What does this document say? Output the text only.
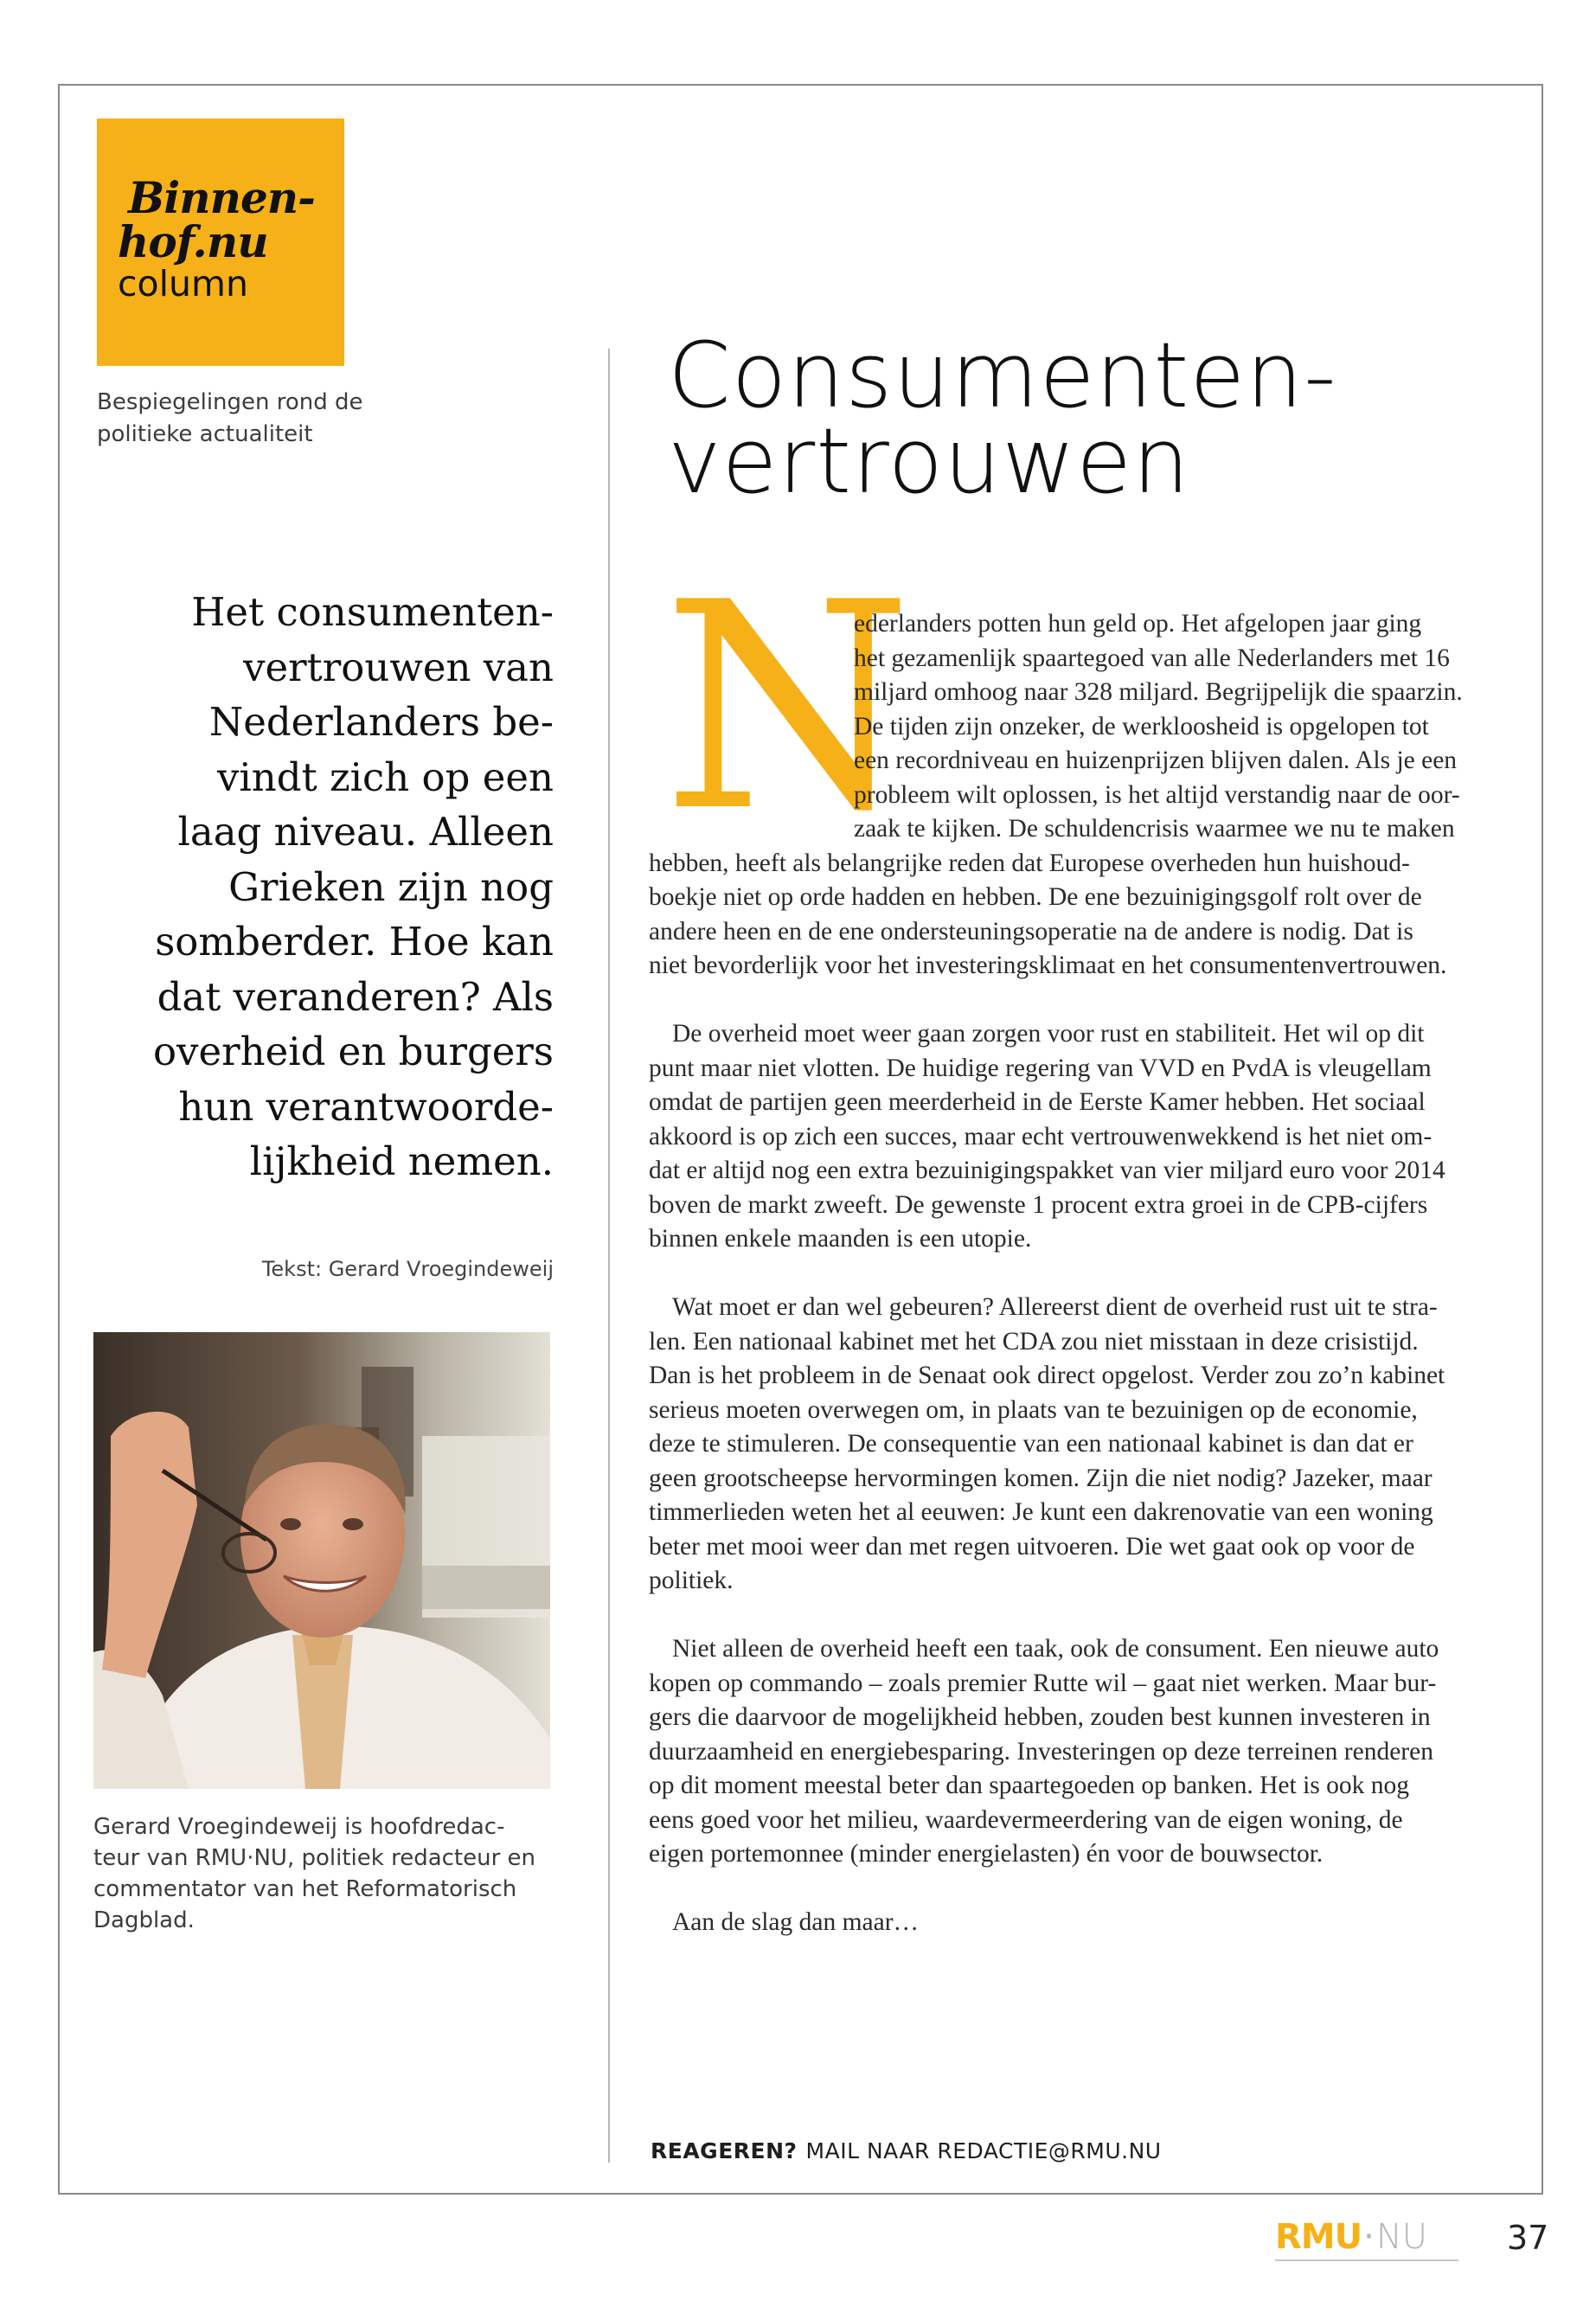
Binnen-
hof.nu
column
Bespiegelingen rond de politieke actualiteit
Consumenten-
vertrouwen
Het consumenten-
vertrouwen van
Nederlanders be-
vindt zich op een
laag niveau. Alleen
Grieken zijn nog
somberder. Hoe kan
dat veranderen? Als
overheid en burgers
hun verantwoorde-
lijkheid nemen.
Tekst: Gerard Vroegindeweij
Gerard Vroegindeweij is hoofdredac-
teur van RMU·NU, politiek redacteur en
commentator van het Reformatorisch
Dagblad.
N
ederlanders potten hun geld op. Het afgelopen jaar ging
het gezamenlijk spaartegoed van alle Nederlanders met 16
miljard omhoog naar 328 miljard. Begrijpelijk die spaarzin.
De tijden zijn onzeker, de werkloosheid is opgelopen tot
een recordniveau en huizenprijzen blijven dalen. Als je een
probleem wilt oplossen, is het altijd verstandig naar de oor-
zaak te kijken. De schuldencrisis waarmee we nu te maken
hebben, heeft als belangrijke reden dat Europese overheden hun huishoud-
boekje niet op orde hadden en hebben. De ene bezuinigingsgolf rolt over de
andere heen en de ene ondersteuningsoperatie na de andere is nodig. Dat is
niet bevorderlijk voor het investeringsklimaat en het consumentenvertrouwen.
De overheid moet weer gaan zorgen voor rust en stabiliteit. Het wil op dit
punt maar niet vlotten. De huidige regering van VVD en PvdA is vleugellam
omdat de partijen geen meerderheid in de Eerste Kamer hebben. Het sociaal
akkoord is op zich een succes, maar echt vertrouwenwekkend is het niet om-
dat er altijd nog een extra bezuinigingspakket van vier miljard euro voor 2014
boven de markt zweeft. De gewenste 1 procent extra groei in de CPB-cijfers
binnen enkele maanden is een utopie.
Wat moet er dan wel gebeuren? Allereerst dient de overheid rust uit te stra-
len. Een nationaal kabinet met het CDA zou niet misstaan in deze crisistijd.
Dan is het probleem in de Senaat ook direct opgelost. Verder zou zo’n kabinet
serieus moeten overwegen om, in plaats van te bezuinigen op de economie,
deze te stimuleren. De consequentie van een nationaal kabinet is dan dat er
geen grootscheepse hervormingen komen. Zijn die niet nodig? Jazeker, maar
timmerlieden weten het al eeuwen: Je kunt een dakrenovatie van een woning
beter met mooi weer dan met regen uitvoeren. Die wet gaat ook op voor de
politiek.
Niet alleen de overheid heeft een taak, ook de consument. Een nieuwe auto
kopen op commando – zoals premier Rutte wil – gaat niet werken. Maar bur-
gers die daarvoor de mogelijkheid hebben, zouden best kunnen investeren in
duurzaamheid en energiebesparing. Investeringen op deze terreinen renderen
op dit moment meestal beter dan spaartegoeden op banken. Het is ook nog
eens goed voor het milieu, waardevermeerdering van de eigen woning, de
eigen portemonnee (minder energielasten) én voor de bouwsector.
Aan de slag dan maar…
REAGEREN? MAIL NAAR REDACTIE@RMU.NU
RMU·NU 37
